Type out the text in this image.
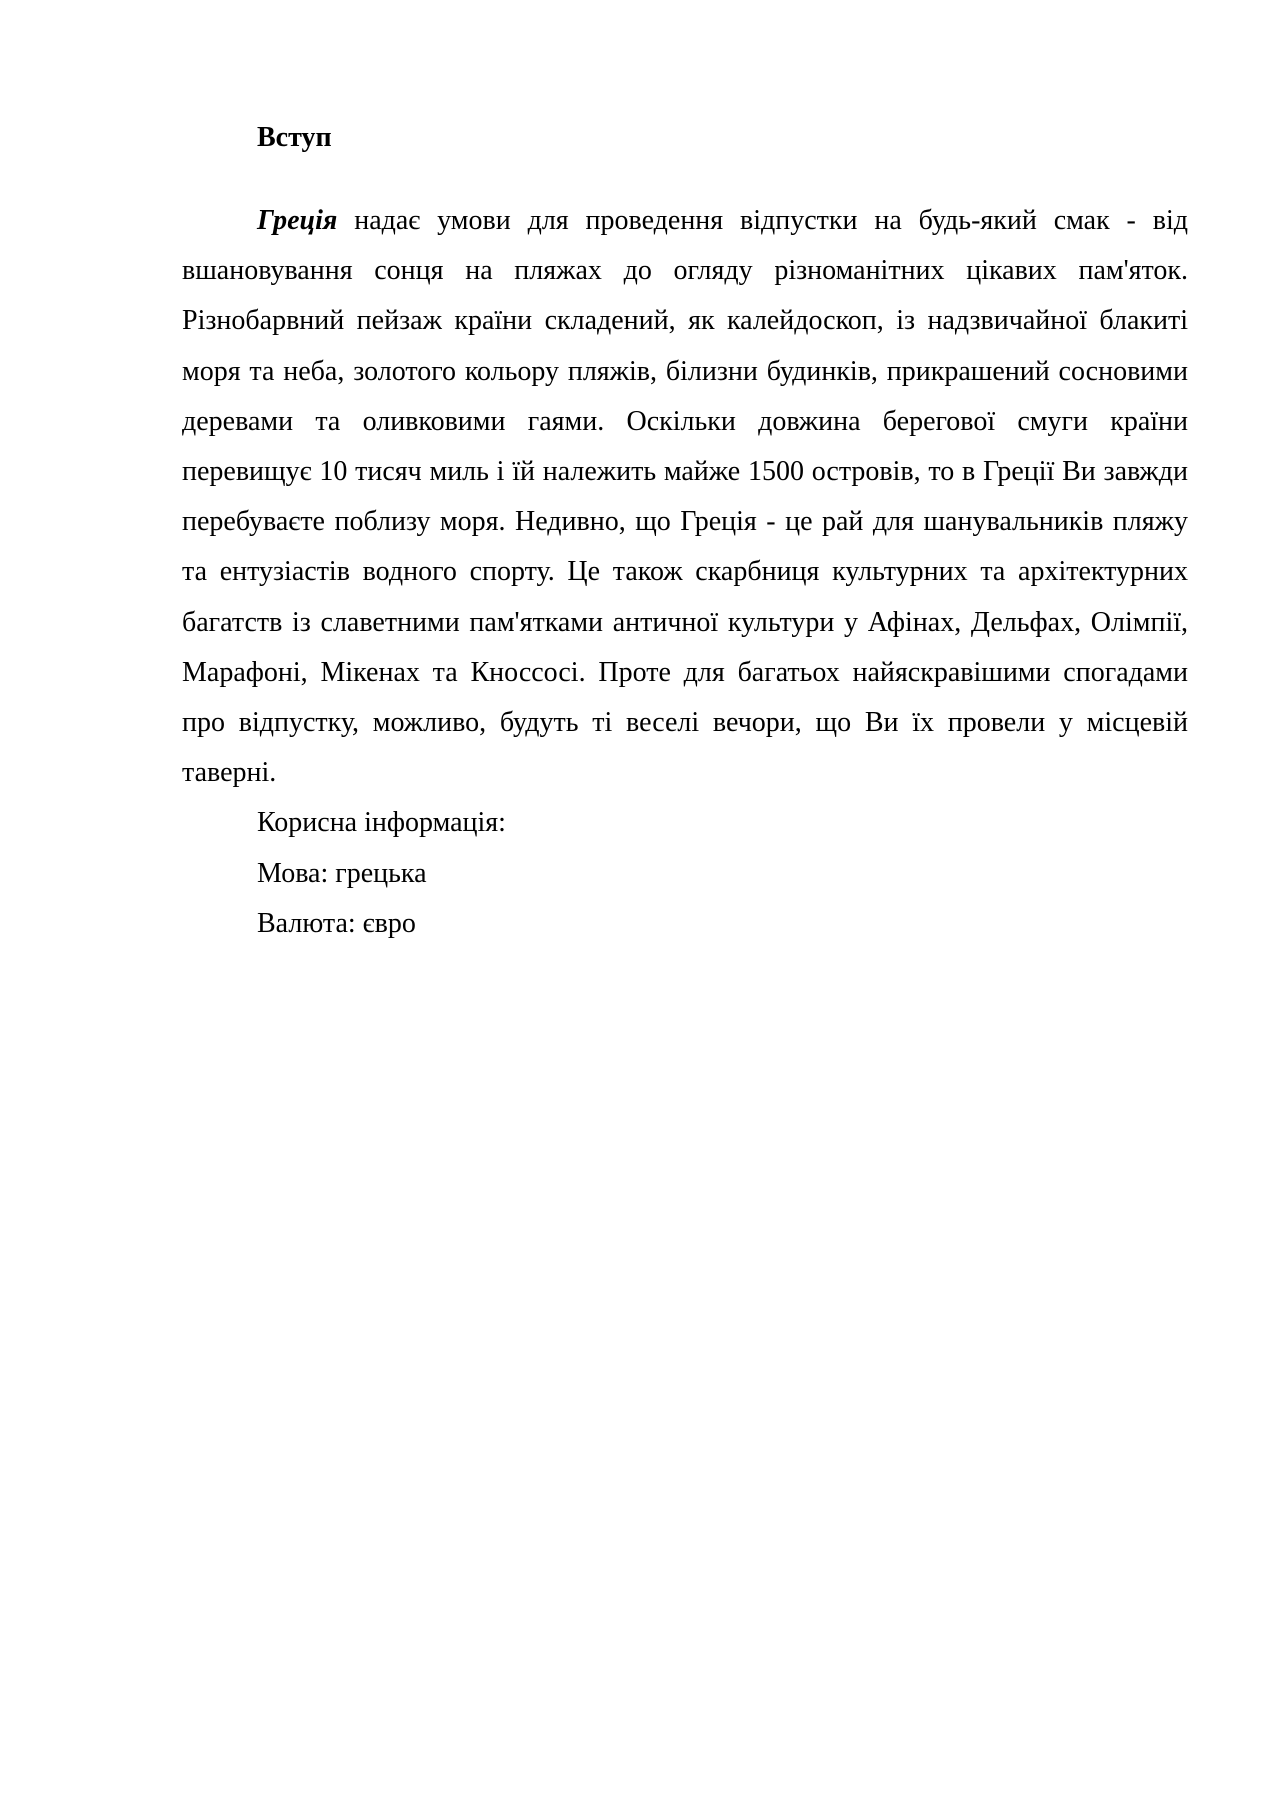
Вступ

Греція надає умови для проведення відпустки на будь-який смак - від вшановування сонця на пляжах до огляду різноманітних цікавих пам'яток. Різнобарвний пейзаж країни складений, як калейдоскоп, із надзвичайної блакиті моря та неба, золотого кольору пляжів, білизни будинків, прикрашений сосновими деревами та оливковими гаями. Оскільки довжина берегової смуги країни перевищує 10 тисяч миль і їй належить майже 1500 островів, то в Греції Ви завжди перебуваєте поблизу моря. Недивно, що Греція - це рай для шанувальників пляжу та ентузіастів водного спорту. Це також скарбниця культурних та архітектурних багатств із славетними пам'ятками античної культури у Афінах, Дельфах, Олімпії, Марафоні, Мікенах та Кноссосі. Проте для багатьох найяскравішими спогадами про відпустку, можливо, будуть ті веселі вечори, що Ви їх провели у місцевій таверні.

Корисна інформація:

Мова: грецька

Валюта: євро
